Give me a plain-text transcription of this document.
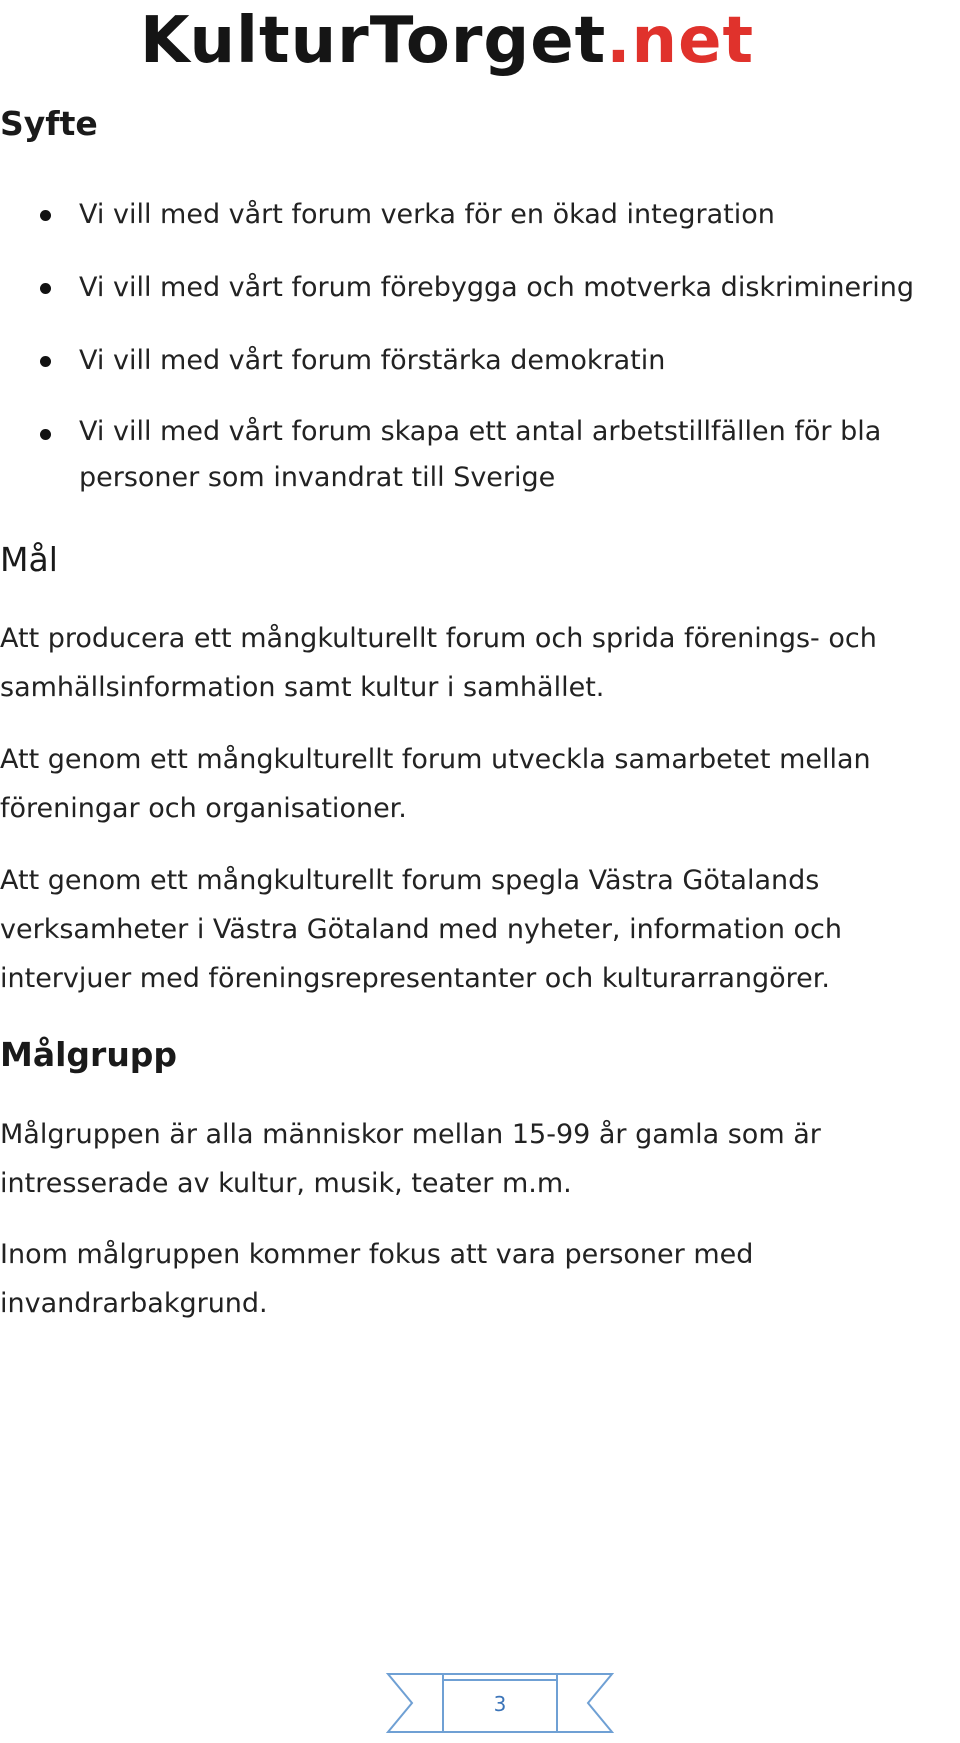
KulturTorget.net
Syfte
Vi vill med vårt forum verka för en ökad integration
Vi vill med vårt forum förebygga och motverka diskriminering
Vi vill med vårt forum förstärka demokratin
Vi vill med vårt forum skapa ett antal arbetstillfällen för bla personer som invandrat till Sverige
Mål

Att producera ett mångkulturellt forum och sprida förenings- och samhällsinformation samt kultur i samhället.

Att genom ett mångkulturellt forum utveckla samarbetet mellan föreningar och organisationer.

Att genom ett mångkulturellt forum spegla Västra Götalands verksamheter i Västra Götaland med nyheter, information och intervjuer med föreningsrepresentanter och kulturarrangörer.

Målgrupp

Målgruppen är alla människor mellan 15-99 år gamla som är intresserade av kultur, musik, teater m.m.

Inom målgruppen kommer fokus att vara personer med invandrarbakgrund.

3
